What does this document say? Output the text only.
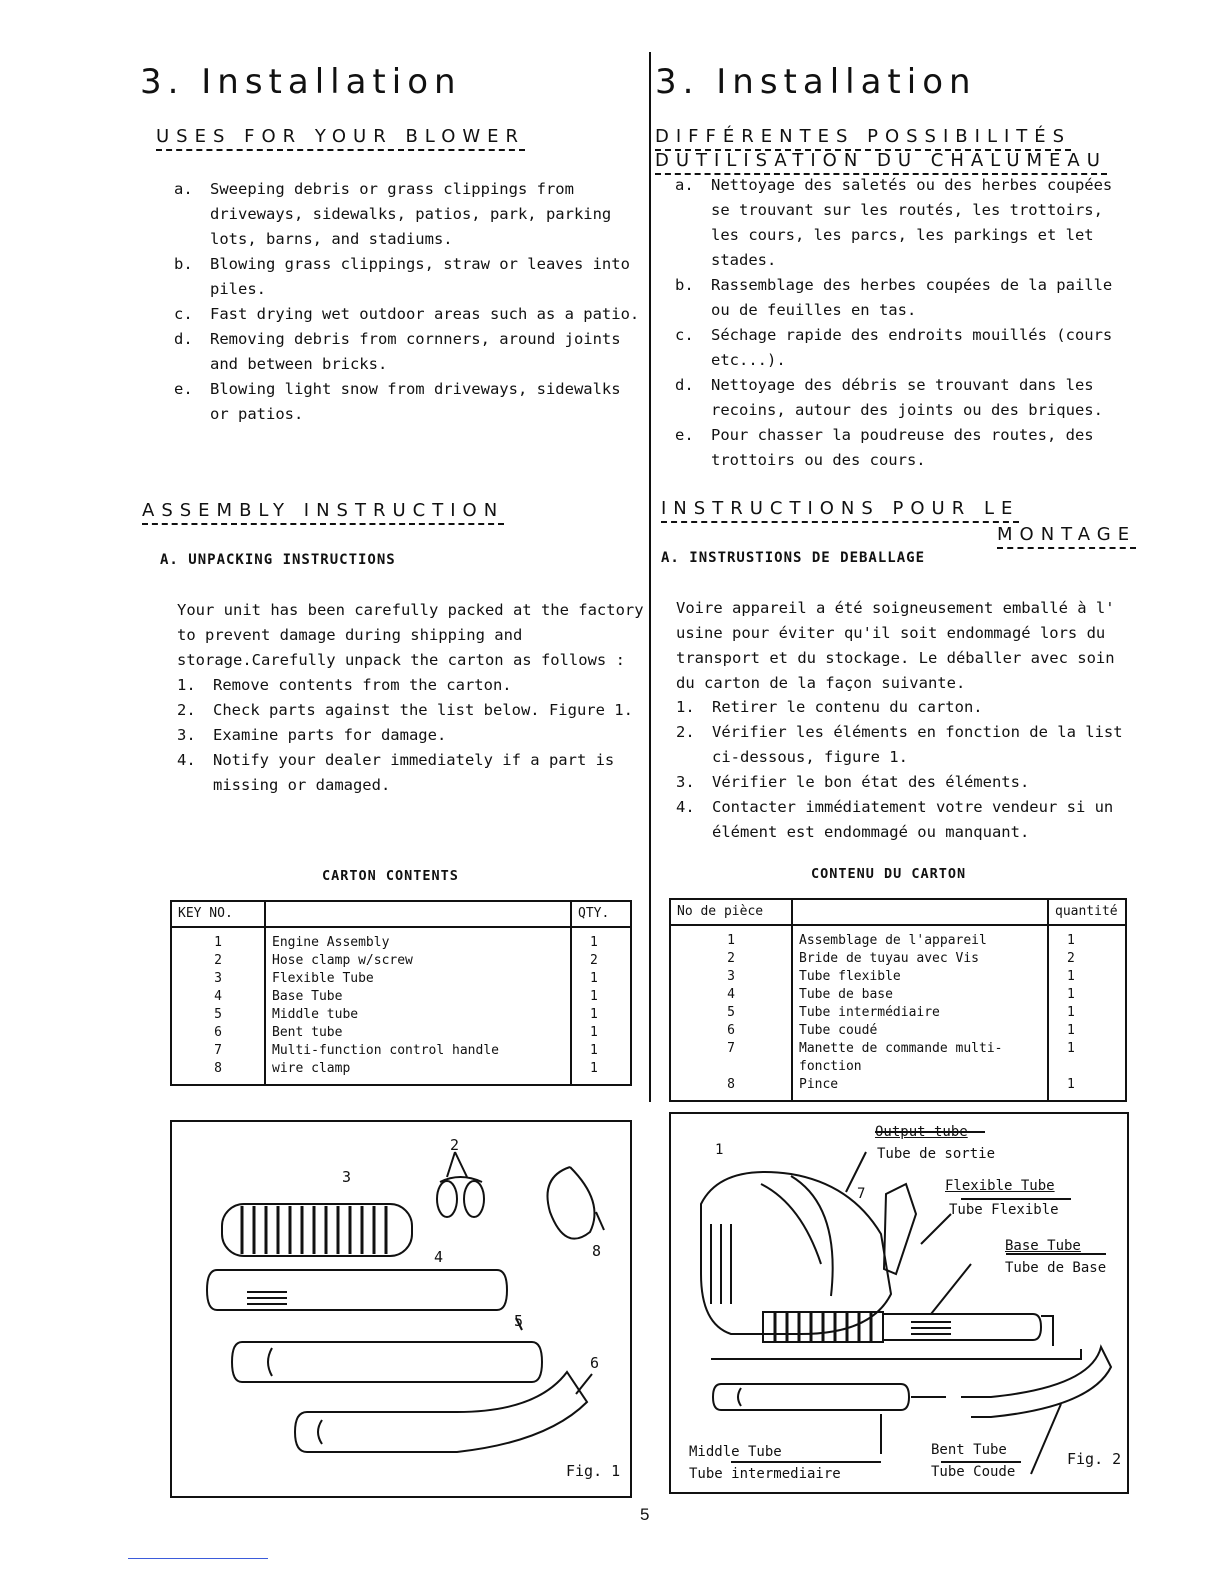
3. Installation
USES FOR YOUR BLOWER
a.	Sweeping debris or grass clippings from driveways, sidewalks, patios, park, parking lots, barns, and stadiums.
b.	Blowing grass clippings, straw or leaves into piles.
c.	Fast drying wet outdoor areas such as a patio.
d.	Removing debris from cornners, around joints and between bricks.
e.	Blowing light snow from driveways, sidewalks or patios.
ASSEMBLY INSTRUCTION
A. UNPACKING INSTRUCTIONS
Your unit has been carefully packed at the factory to prevent damage during shipping and storage.Carefully unpack the carton as follows :
1.	Remove contents from the carton.
2.	Check parts against the list below. Figure 1.
3.	Examine parts for damage.
4.	Notify your dealer immediately if a part is missing or damaged.
CARTON CONTENTS
KEY NO.		QTY.
1	Engine Assembly	1
2	Hose clamp w/screw	2
3	Flexible Tube	1
4	Base Tube	1
5	Middle tube	1
6	Bent tube	1
7	Multi-function control handle	1
8	wire clamp	1
2
3
4
5
6
8
Fig. 1
3. Installation
DIFFÉRENTES POSSIBILITÉS
DUTILISATION DU CHALUMEAU
a.	Nettoyage des saletés ou des herbes coupées se trouvant sur les routés, les trottoirs, les cours, les parcs, les parkings et let stades.
b.	Rassemblage des herbes coupées de la paille ou de feuilles en tas.
c.	Séchage rapide des endroits mouillés (cours etc...).
d.	Nettoyage des débris se trouvant dans les recoins, autour des joints ou des briques.
e.	Pour chasser la poudreuse des routes, des trottoirs ou des cours.
INSTRUCTIONS POUR LE
MONTAGE
A. INSTRUSTIONS DE DEBALLAGE
Voire appareil a été soigneusement emballé à l' usine pour éviter qu'il soit endommagé lors du transport et du stockage. Le déballer avec soin du carton de la façon suivante.
1.	Retirer le contenu du carton.
2.	Vérifier les éléments en fonction de la list ci-dessous, figure 1.
3.	Vérifier le bon état des éléments.
4.	Contacter immédiatement votre vendeur si un élément est endommagé ou manquant.
CONTENU DU CARTON
No de pièce		quantité
1	Assemblage de l'appareil	1
2	Bride de tuyau avec Vis	2
3	Tube flexible	1
4	Tube de base	1
5	Tube intermédiaire	1
6	Tube coudé	1
7	Manette de commande multi-fonction	1
8	Pince	1
1
7
Output tube
Tube de sortie
Flexible Tube
Tube Flexible
Base Tube
Tube de Base
Middle Tube
Tube intermediaire
Bent Tube
Tube Coude
Fig. 2
5
